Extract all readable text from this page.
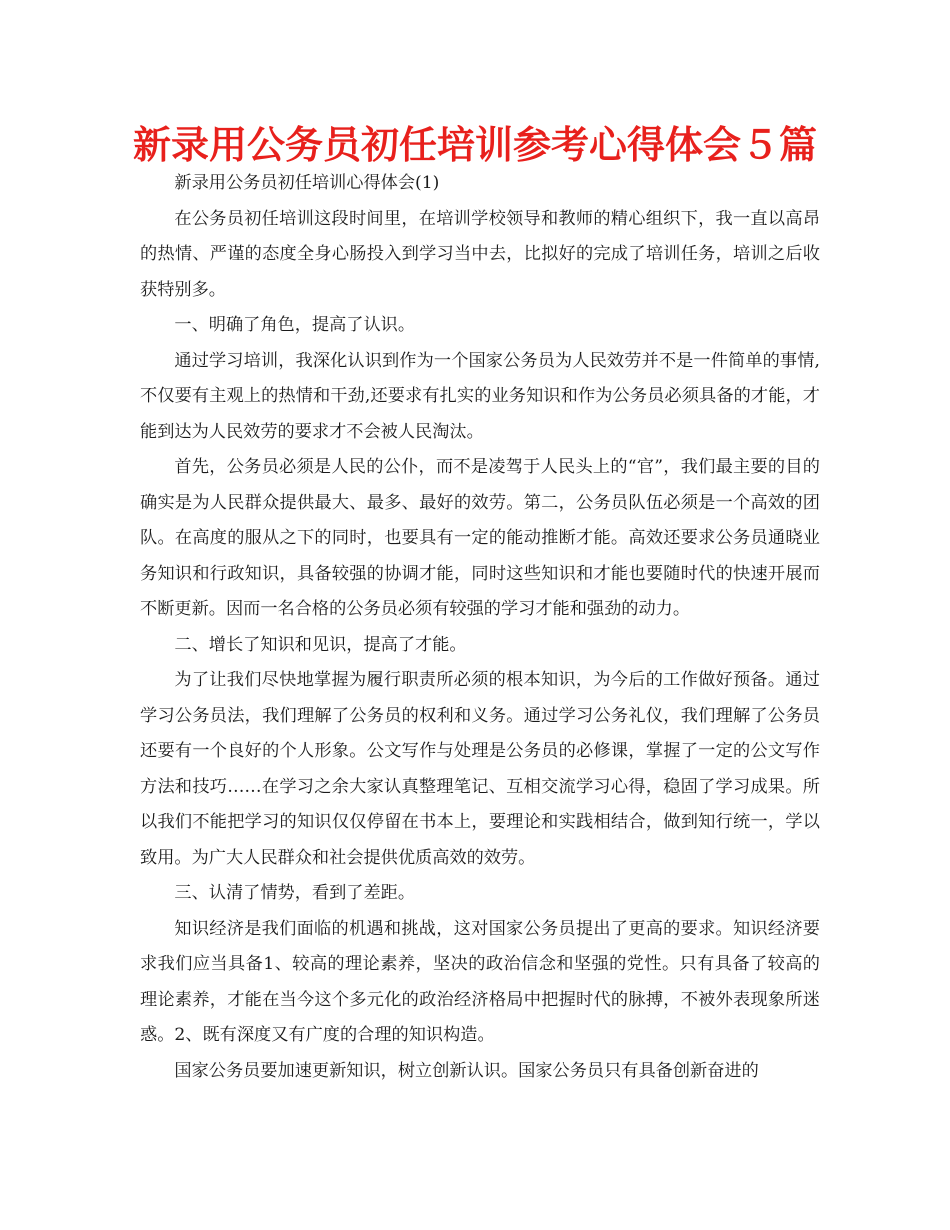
新录用公务员初任培训参考心得体会５篇

新录用公务员初任培训心得体会(1)

在公务员初任培训这段时间里，在培训学校领导和教师的精心组织下，我一直以高昂的热情、严谨的态度全身心肠投入到学习当中去，比拟好的完成了培训任务，培训之后收获特别多。

一、明确了角色，提高了认识。

通过学习培训，我深化认识到作为一个国家公务员为人民效劳并不是一件简单的事情,不仅要有主观上的热情和干劲,还要求有扎实的业务知识和作为公务员必须具备的才能，才能到达为人民效劳的要求才不会被人民淘汰。

首先，公务员必须是人民的公仆，而不是凌驾于人民头上的“官”，我们最主要的目的确实是为人民群众提供最大、最多、最好的效劳。第二，公务员队伍必须是一个高效的团队。在高度的服从之下的同时，也要具有一定的能动推断才能。高效还要求公务员通晓业务知识和行政知识，具备较强的协调才能，同时这些知识和才能也要随时代的快速开展而不断更新。因而一名合格的公务员必须有较强的学习才能和强劲的动力。

二、增长了知识和见识，提高了才能。

为了让我们尽快地掌握为履行职责所必须的根本知识，为今后的工作做好预备。通过学习公务员法，我们理解了公务员的权利和义务。通过学习公务礼仪，我们理解了公务员还要有一个良好的个人形象。公文写作与处理是公务员的必修课，掌握了一定的公文写作方法和技巧……在学习之余大家认真整理笔记、互相交流学习心得，稳固了学习成果。所以我们不能把学习的知识仅仅停留在书本上，要理论和实践相结合，做到知行统一，学以致用。为广大人民群众和社会提供优质高效的效劳。

三、认清了情势，看到了差距。

知识经济是我们面临的机遇和挑战，这对国家公务员提出了更高的要求。知识经济要求我们应当具备1、较高的理论素养，坚决的政治信念和坚强的党性。只有具备了较高的理论素养，才能在当今这个多元化的政治经济格局中把握时代的脉搏，不被外表现象所迷惑。2、既有深度又有广度的合理的知识构造。

国家公务员要加速更新知识，树立创新认识。国家公务员只有具备创新奋进的
